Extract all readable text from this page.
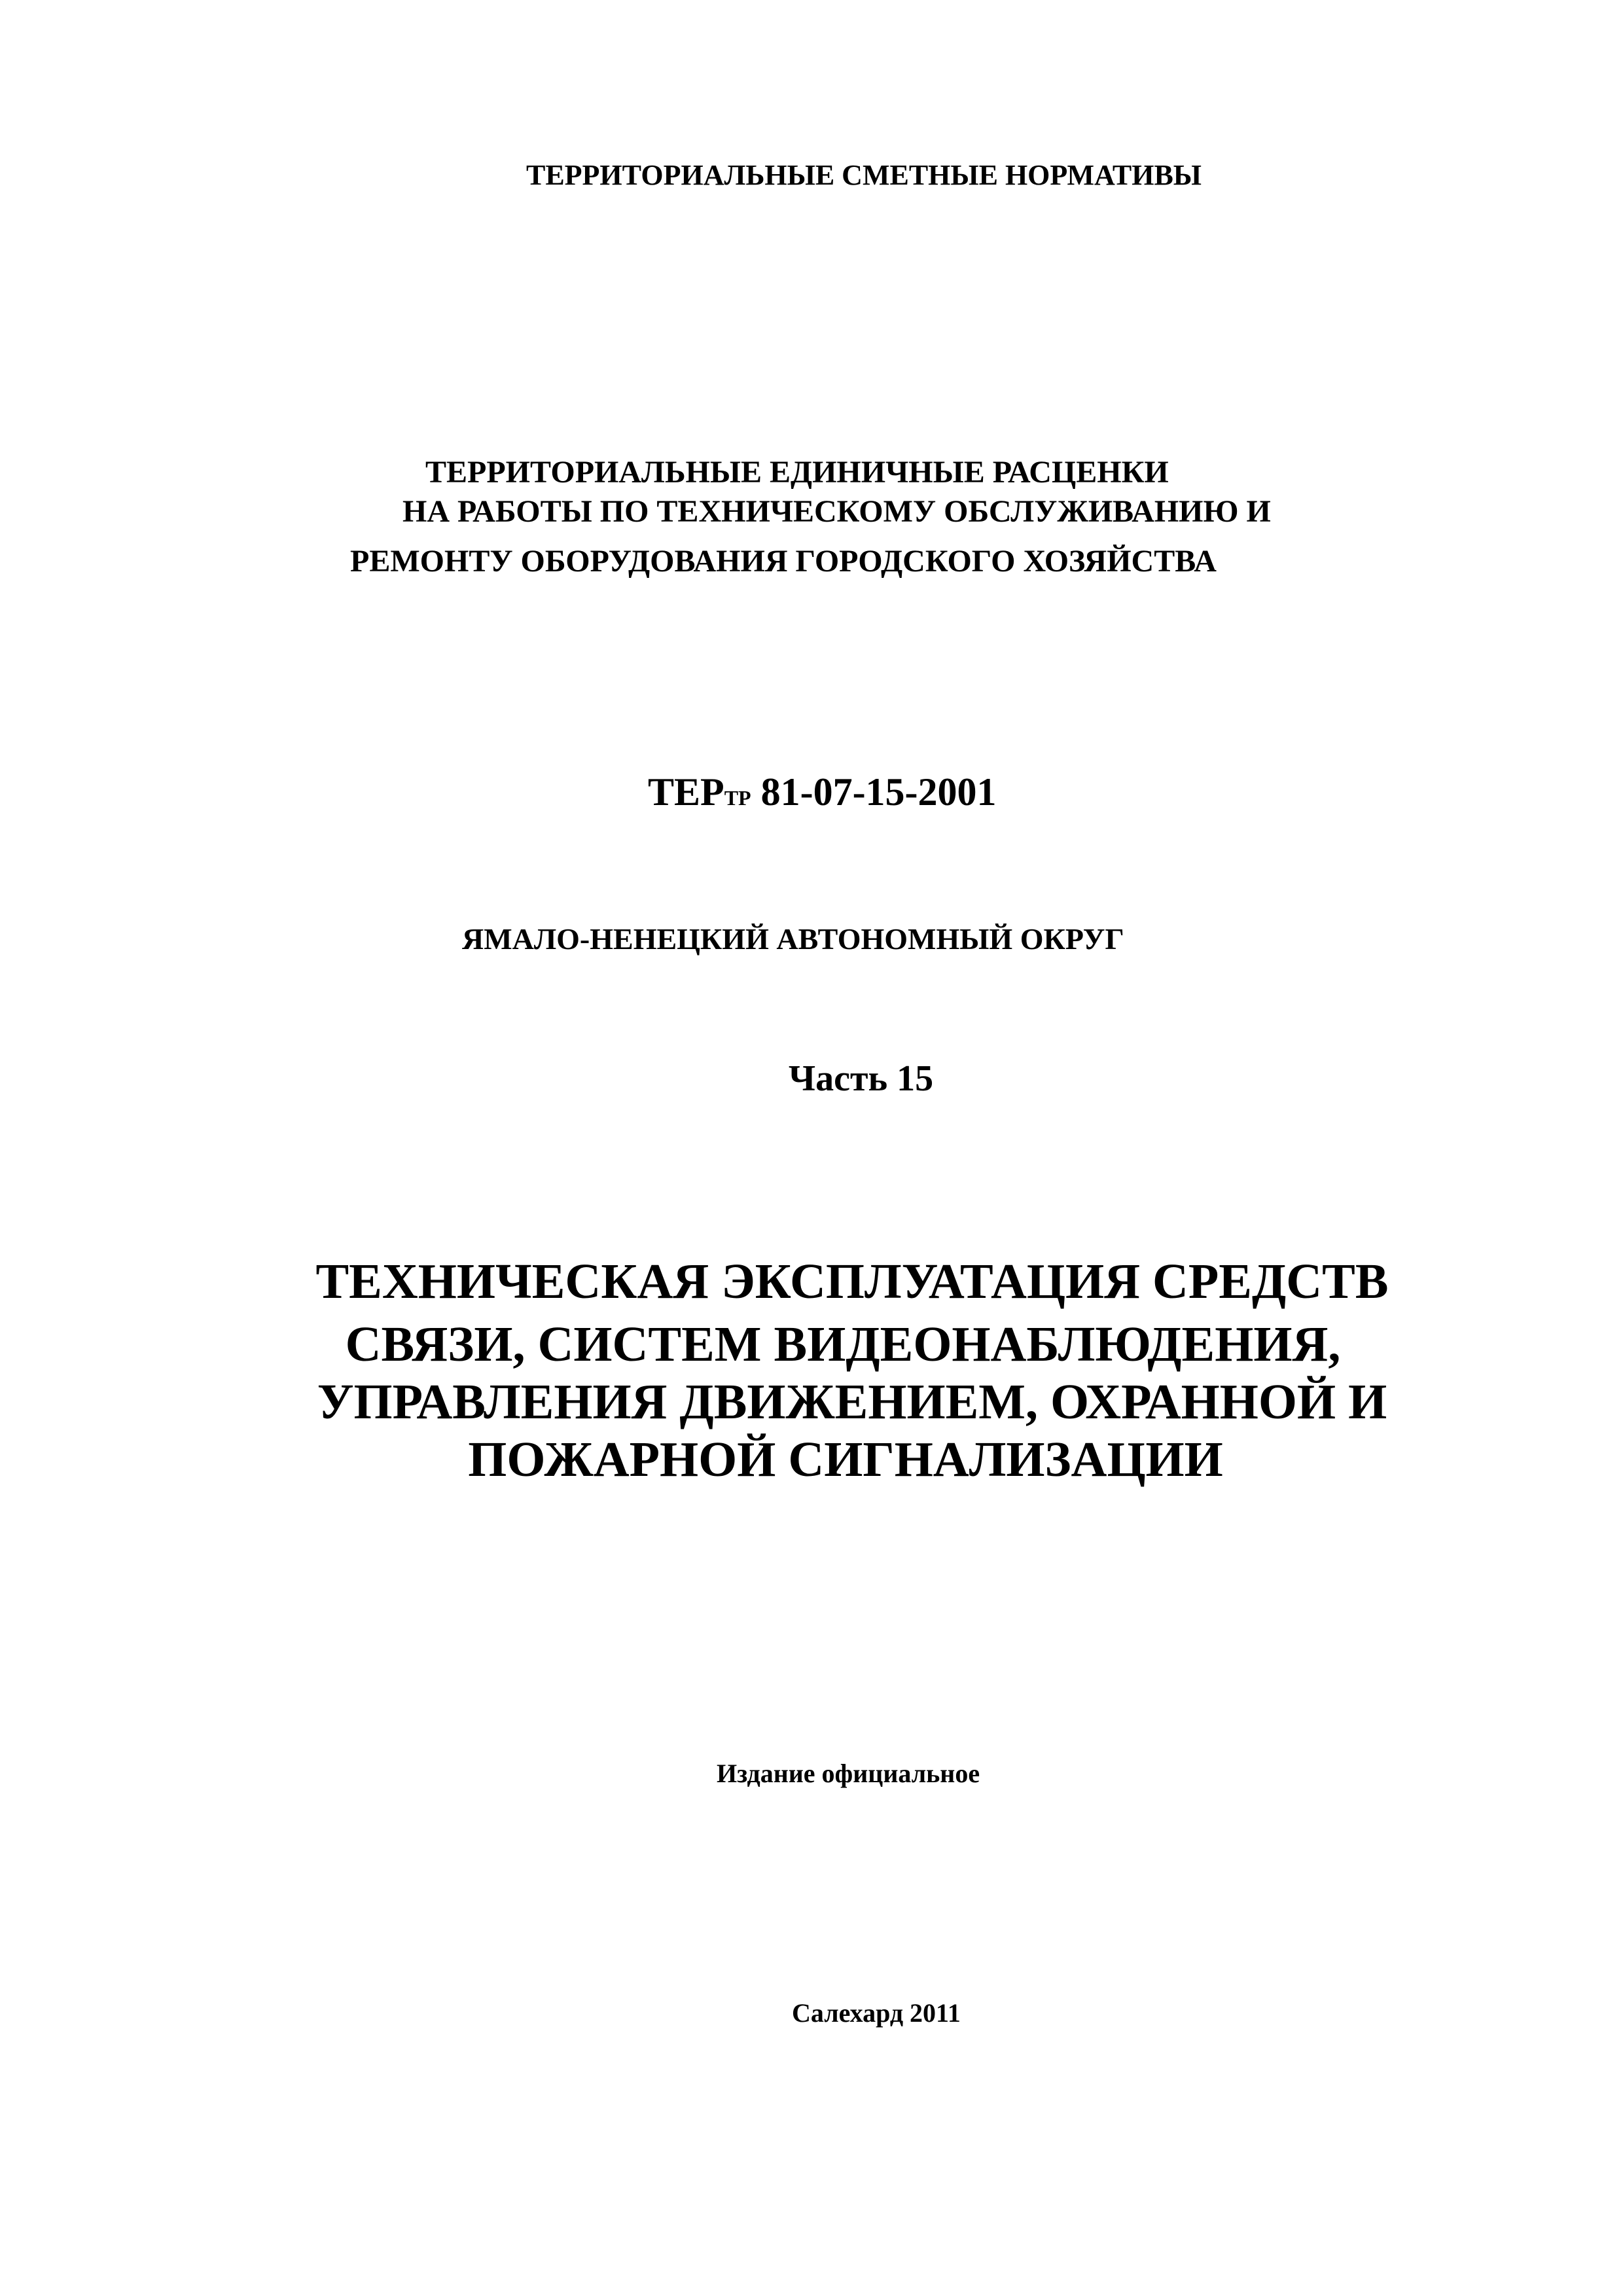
ТЕРРИТОРИАЛЬНЫЕ СМЕТНЫЕ НОРМАТИВЫ
ТЕРРИТОРИАЛЬНЫЕ ЕДИНИЧНЫЕ РАСЦЕНКИ
НА РАБОТЫ ПО ТЕХНИЧЕСКОМУ ОБСЛУЖИВАНИЮ И
РЕМОНТУ ОБОРУДОВАНИЯ ГОРОДСКОГО ХОЗЯЙСТВА
ТЕРТР 81-07-15-2001
ЯМАЛО-НЕНЕЦКИЙ АВТОНОМНЫЙ ОКРУГ
Часть 15
ТЕХНИЧЕСКАЯ ЭКСПЛУАТАЦИЯ СРЕДСТВ
СВЯЗИ, СИСТЕМ ВИДЕОНАБЛЮДЕНИЯ,
УПРАВЛЕНИЯ ДВИЖЕНИЕМ, ОХРАННОЙ И
ПОЖАРНОЙ СИГНАЛИЗАЦИИ
Издание официальное
Салехард 2011
